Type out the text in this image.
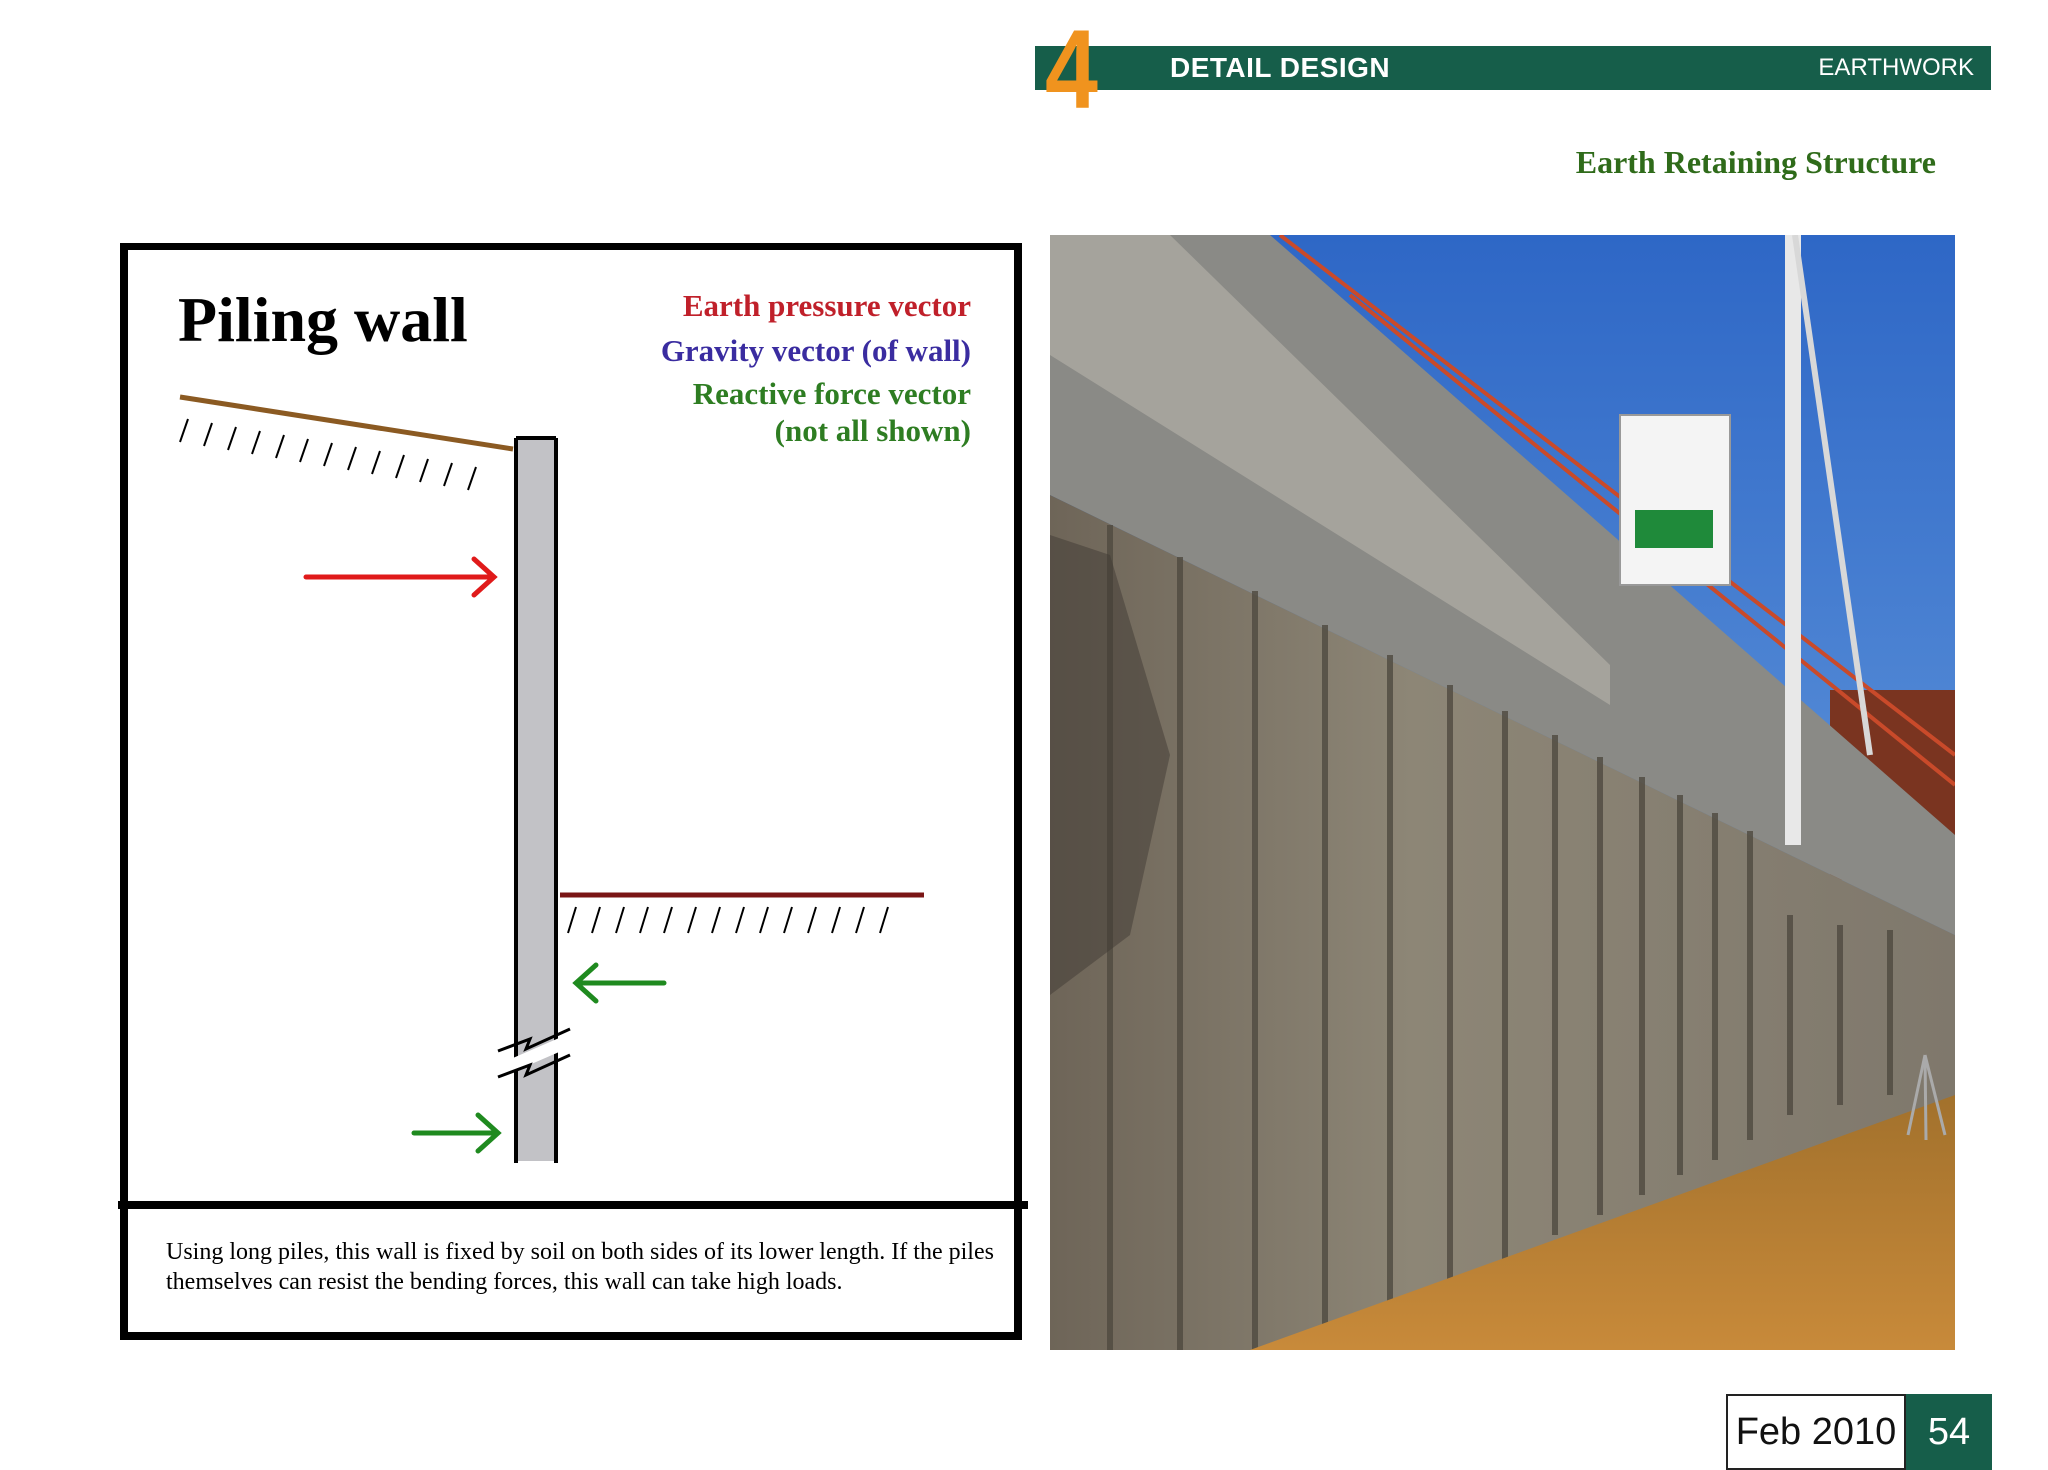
4	DETAIL DESIGN	EARTHWORK
Earth Retaining Structure
Piling wall	Earth pressure vector
Gravity vector (of wall)
Reactive force vector
(not all shown)
Using long piles, this wall is fixed by soil on both sides of its lower length. If the piles themselves can resist the bending forces, this wall can take high loads.
Feb 2010 54
